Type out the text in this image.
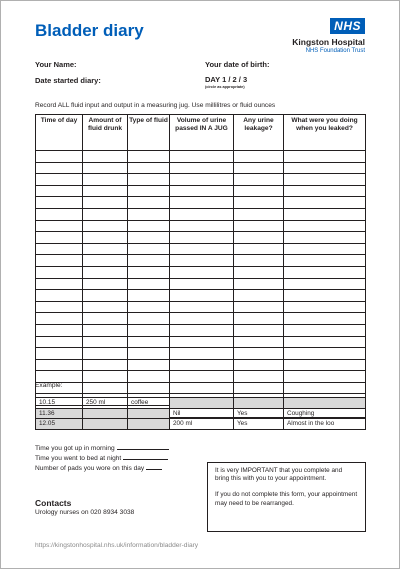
Bladder diary	NHS
Kingston Hospital
NHS Foundation Trust
Your Name:	Your date of birth:
Date started diary:	DAY 1 / 2 / 3
(circle as appropriate)
Record ALL fluid input and output in a measuring jug. Use millilitres or fluid ounces
Time of day	Amount of fluid drunk	Type of fluid	Volume of urine passed IN A JUG	Any urine leakage?	What were you doing when you leaked?

Example:
10.15	250 ml	coffee			
11.36			Nil	Yes	Coughing
12.05			200 ml	Yes	Almost in the loo
Time you got up in morning
Time you went to bed at night
Number of pads you wore on this day	It is very IMPORTANT that you complete and bring this with you to your appointment.

If you do not complete this form, your appointment may need to be rearranged.

Contacts
Urology nurses on 020 8934 3038
https://kingstonhospital.nhs.uk/information/bladder-diary
